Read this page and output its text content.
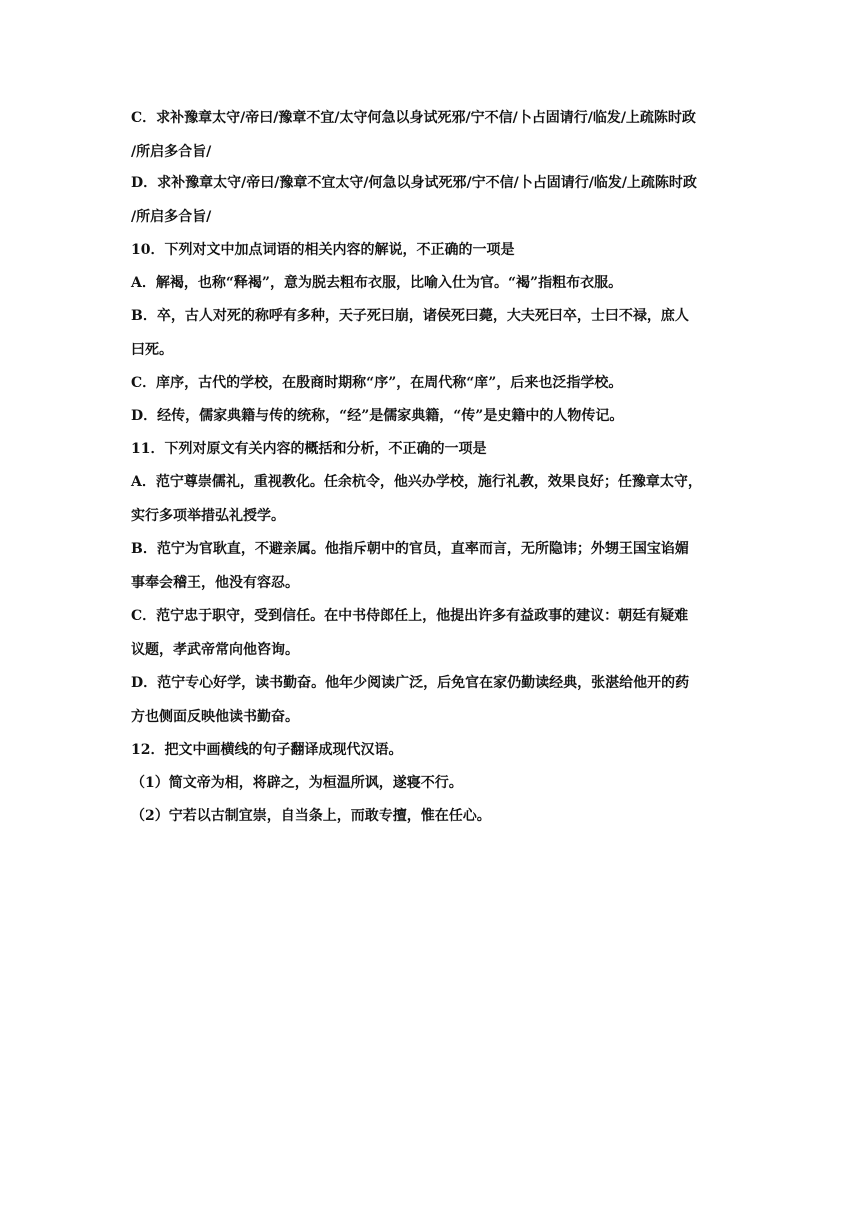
C．求补豫章太守/帝曰/豫章不宜/太守何急以身试死邪/宁不信/卜占固请行/临发/上疏陈时政
/所启多合旨/
D．求补豫章太守/帝曰/豫章不宜太守/何急以身试死邪/宁不信/卜占固请行/临发/上疏陈时政
/所启多合旨/
10．下列对文中加点词语的相关内容的解说，不正确的一项是
A．解褐，也称“释褐”，意为脱去粗布衣服，比喻入仕为官。“褐”指粗布衣服。
B．卒，古人对死的称呼有多种，天子死曰崩，诸侯死曰薨，大夫死曰卒，士曰不禄，庶人
曰死。
C．庠序，古代的学校，在殷商时期称“序”，在周代称“庠”，后来也泛指学校。
D．经传，儒家典籍与传的统称，“经”是儒家典籍，“传”是史籍中的人物传记。
11．下列对原文有关内容的概括和分析，不正确的一项是
A．范宁尊崇儒礼，重视教化。任余杭令，他兴办学校，施行礼教，效果良好；任豫章太守，
实行多项举措弘礼授学。
B．范宁为官耿直，不避亲属。他指斥朝中的官员，直率而言，无所隐讳；外甥王国宝谄媚
事奉会稽王，他没有容忍。
C．范宁忠于职守，受到信任。在中书侍郎任上，他提出许多有益政事的建议：朝廷有疑难
议题，孝武帝常向他咨询。
D．范宁专心好学，读书勤奋。他年少阅读广泛，后免官在家仍勤读经典，张湛给他开的药
方也侧面反映他读书勤奋。
12．把文中画横线的句子翻译成现代汉语。
（1）简文帝为相，将辟之，为桓温所讽，遂寝不行。
（2）宁若以古制宜崇，自当条上，而敢专擅，惟在任心。
